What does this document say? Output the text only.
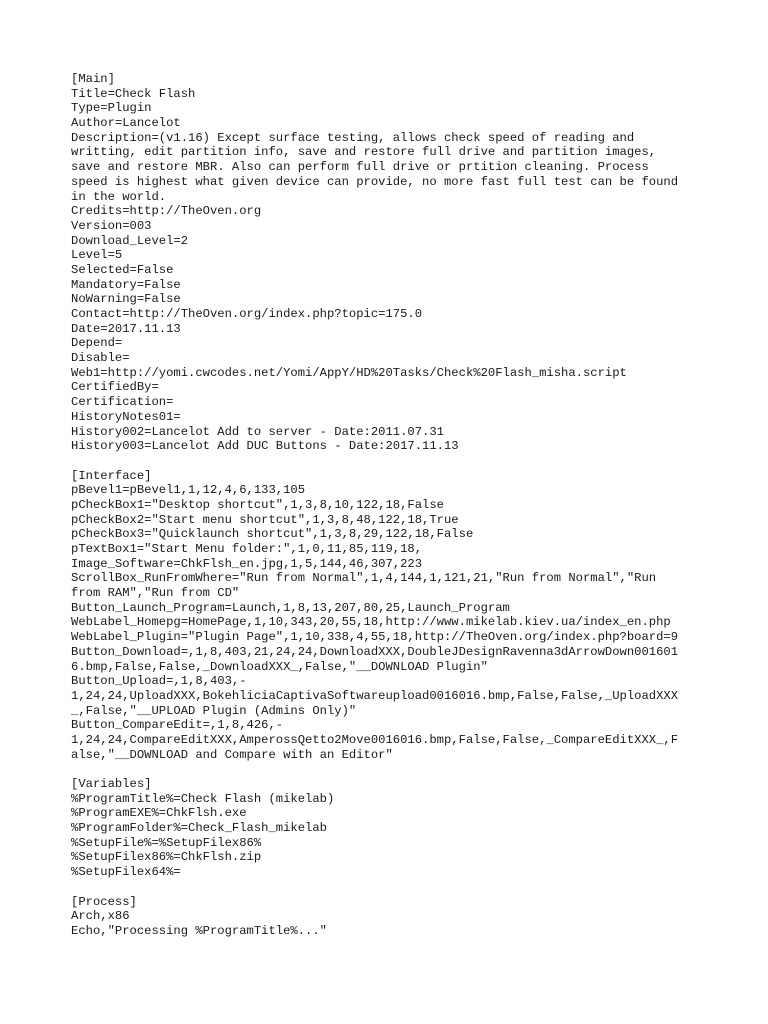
[Main]
Title=Check Flash
Type=Plugin
Author=Lancelot
Description=(v1.16) Except surface testing, allows check speed of reading and
writting, edit partition info, save and restore full drive and partition images,
save and restore MBR. Also can perform full drive or prtition cleaning. Process
speed is highest what given device can provide, no more fast full test can be found
in the world.
Credits=http://TheOven.org
Version=003
Download_Level=2
Level=5
Selected=False
Mandatory=False
NoWarning=False
Contact=http://TheOven.org/index.php?topic=175.0
Date=2017.11.13
Depend=
Disable=
Web1=http://yomi.cwcodes.net/Yomi/AppY/HD%20Tasks/Check%20Flash_misha.script
CertifiedBy=
Certification=
HistoryNotes01=
History002=Lancelot Add to server - Date:2011.07.31
History003=Lancelot Add DUC Buttons - Date:2017.11.13
[Interface]
pBevel1=pBevel1,1,12,4,6,133,105
pCheckBox1="Desktop shortcut",1,3,8,10,122,18,False
pCheckBox2="Start menu shortcut",1,3,8,48,122,18,True
pCheckBox3="Quicklaunch shortcut",1,3,8,29,122,18,False
pTextBox1="Start Menu folder:",1,0,11,85,119,18,
Image_Software=ChkFlsh_en.jpg,1,5,144,46,307,223
ScrollBox_RunFromWhere="Run from Normal",1,4,144,1,121,21,"Run from Normal","Run
from RAM","Run from CD"
Button_Launch_Program=Launch,1,8,13,207,80,25,Launch_Program
WebLabel_Homepg=HomePage,1,10,343,20,55,18,http://www.mikelab.kiev.ua/index_en.php
WebLabel_Plugin="Plugin Page",1,10,338,4,55,18,http://TheOven.org/index.php?board=9
Button_Download=,1,8,403,21,24,24,DownloadXXX,DoubleJDesignRavenna3dArrowDown001601
6.bmp,False,False,_DownloadXXX_,False,"__DOWNLOAD Plugin"
Button_Upload=,1,8,403,-
1,24,24,UploadXXX,BokehliciaCaptivaSoftwareupload0016016.bmp,False,False,_UploadXXX
_,False,"__UPLOAD Plugin (Admins Only)"
Button_CompareEdit=,1,8,426,-
1,24,24,CompareEditXXX,AmperossQetto2Move0016016.bmp,False,False,_CompareEditXXX_,F
alse,"__DOWNLOAD and Compare with an Editor"
[Variables]
%ProgramTitle%=Check Flash (mikelab)
%ProgramEXE%=ChkFlsh.exe
%ProgramFolder%=Check_Flash_mikelab
%SetupFile%=%SetupFilex86%
%SetupFilex86%=ChkFlsh.zip
%SetupFilex64%=
[Process]
Arch,x86
Echo,"Processing %ProgramTitle%..."
